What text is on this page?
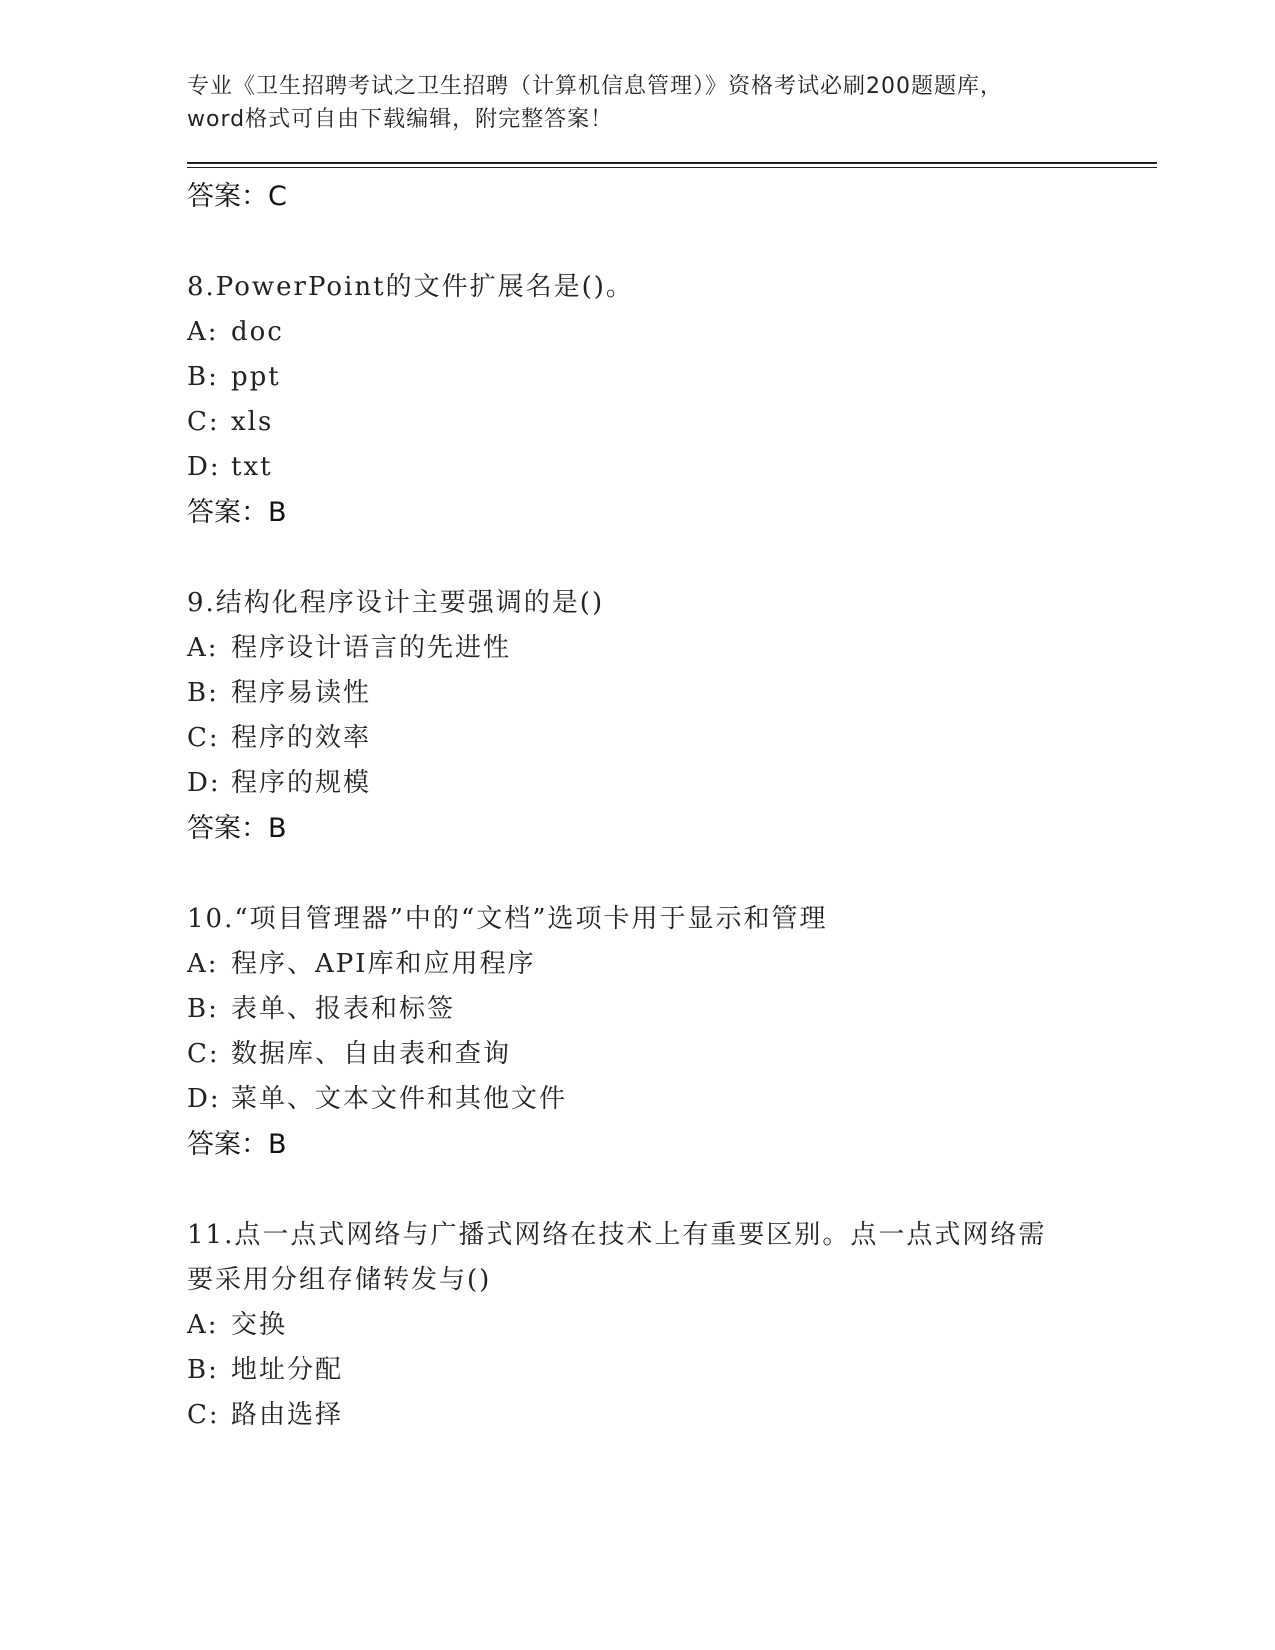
专业《卫生招聘考试之卫生招聘（计算机信息管理）》资格考试必刷200题题库，
word格式可自由下载编辑，附完整答案！

答案：C
8.PowerPoint的文件扩展名是()。
A: doc
B: ppt
C: xls
D: txt
答案：B
9.结构化程序设计主要强调的是()
A: 程序设计语言的先进性
B: 程序易读性
C: 程序的效率
D: 程序的规模
答案：B
10.“项目管理器”中的“文档”选项卡用于显示和管理
A: 程序、API库和应用程序
B: 表单、报表和标签
C: 数据库、自由表和查询
D: 菜单、文本文件和其他文件
答案：B
11.点一点式网络与广播式网络在技术上有重要区别。点一点式网络需
要采用分组存储转发与()
A: 交换
B: 地址分配
C: 路由选择
